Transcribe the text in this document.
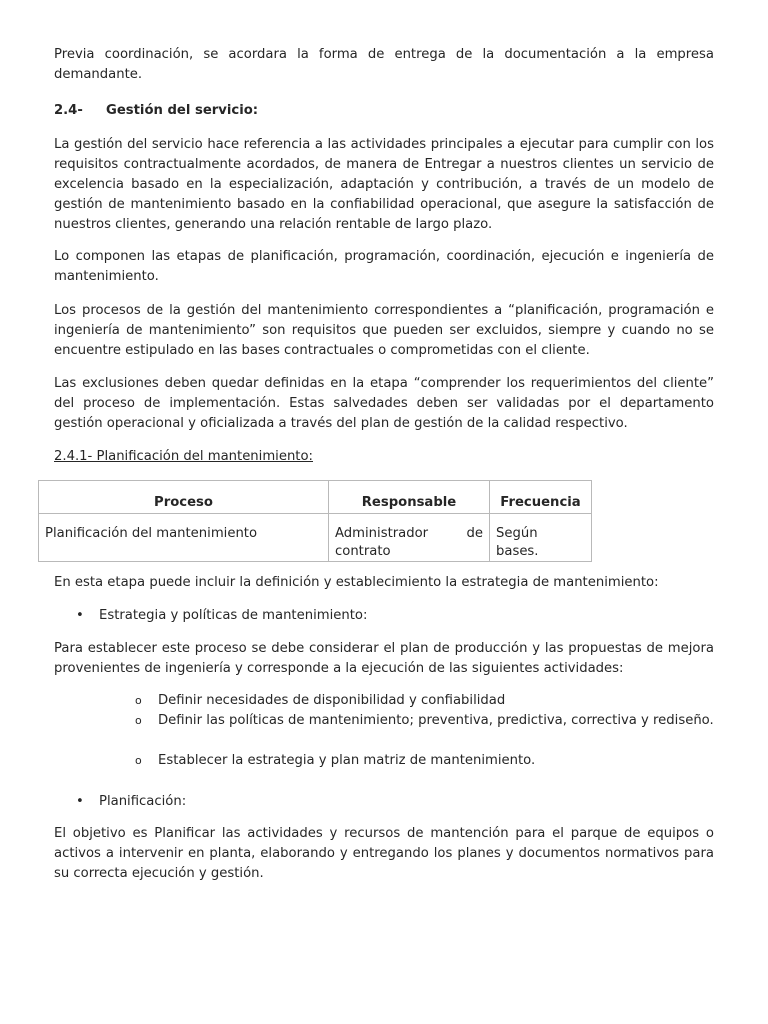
Previa coordinación, se acordara la forma de entrega de la documentación a la empresa demandante.

2.4- Gestión del servicio:

La gestión del servicio hace referencia a las actividades principales a ejecutar para cumplir con los requisitos contractualmente acordados, de manera de Entregar a nuestros clientes un servicio de excelencia basado en la especialización, adaptación y contribución, a través de un modelo de gestión de mantenimiento basado en la confiabilidad operacional, que asegure la satisfacción de nuestros clientes, generando una relación rentable de largo plazo.

Lo componen las etapas de planificación, programación, coordinación, ejecución e ingeniería de mantenimiento.

Los procesos de la gestión del mantenimiento correspondientes a “planificación, programación e ingeniería de mantenimiento” son requisitos que pueden ser excluidos, siempre y cuando no se encuentre estipulado en las bases contractuales o comprometidas con el cliente.

Las exclusiones deben quedar definidas en la etapa “comprender los requerimientos del cliente” del proceso de implementación. Estas salvedades deben ser validadas por el departamento gestión operacional y oficializada a través del plan de gestión de la calidad respectivo.

2.4.1- Planificación del mantenimiento:

Proceso	Responsable	Frecuencia
Planificación del mantenimiento	Administrador de contrato	Según bases.

En esta etapa puede incluir la definición y establecimiento la estrategia de mantenimiento:

• Estrategia y políticas de mantenimiento:

Para establecer este proceso se debe considerar el plan de producción y las propuestas de mejora provenientes de ingeniería y corresponde a la ejecución de las siguientes actividades:

o Definir necesidades de disponibilidad y confiabilidad
o Definir las políticas de mantenimiento; preventiva, predictiva, correctiva y rediseño.
o Establecer la estrategia y plan matriz de mantenimiento.
• Planificación:

El objetivo es Planificar las actividades y recursos de mantención para el parque de equipos o activos a intervenir en planta, elaborando y entregando los planes y documentos normativos para su correcta ejecución y gestión.
